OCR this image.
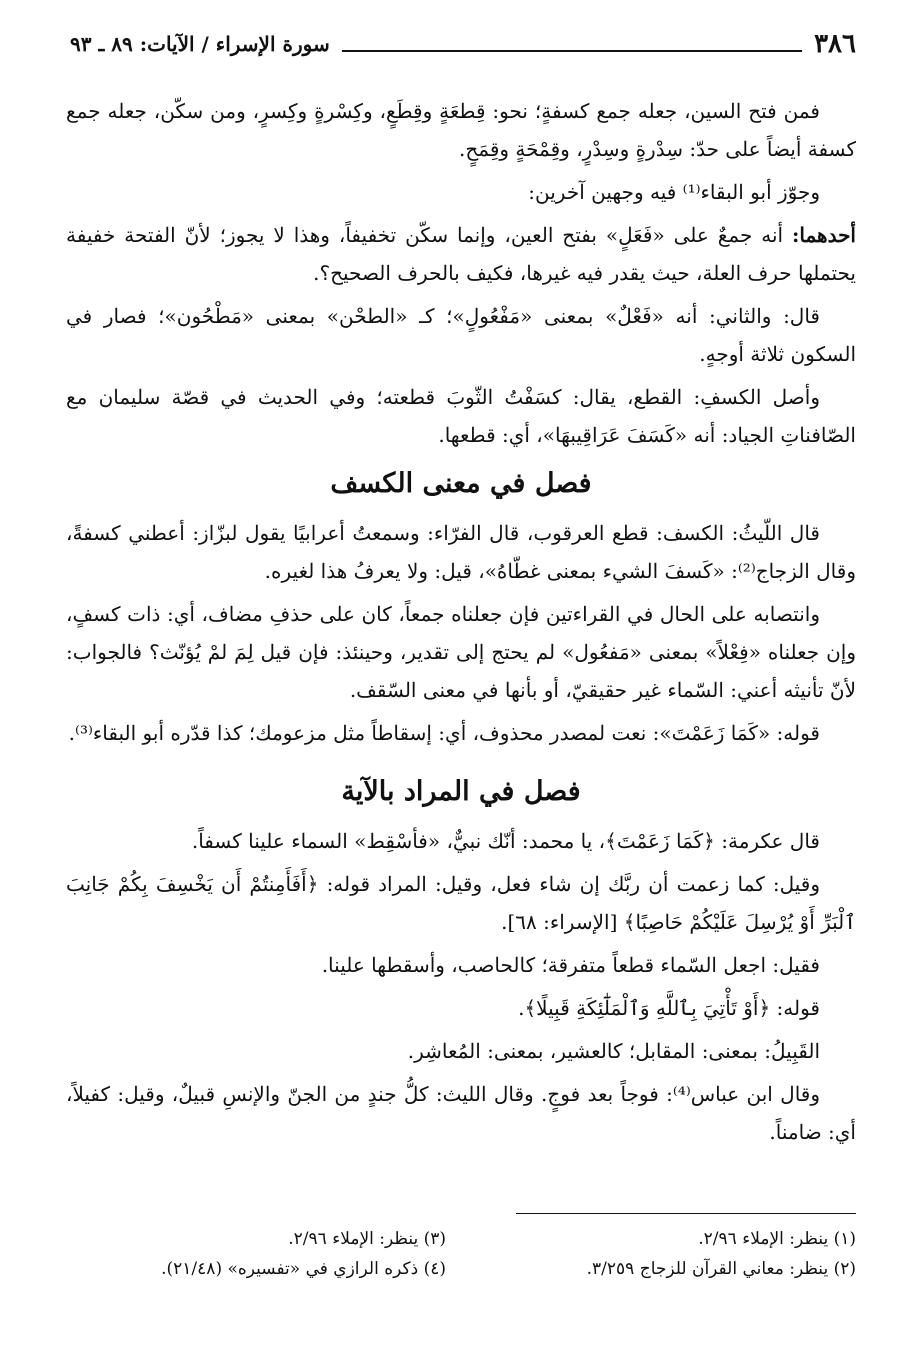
٣٨٦
سورة الإسراء / الآيات: ٨٩ ـ ٩٣

فمن فتح السين، جعله جمع كسفةٍ؛ نحو: قِطعَةٍ وقِطَعٍ، وكِسْرةٍ وكِسرٍ، ومن سكّن، جعله جمع كسفة أيضاً على حدّ: سِدْرةٍ وسِدْرٍ، وقِمْحَةٍ وقِمَحٍ.

وجوّز أبو البقاء⁽¹⁾ فيه وجهين آخرين:

أحدهما: أنه جمعٌ على «فَعَلٍ» بفتح العين، وإنما سكّن تخفيفاً، وهذا لا يجوز؛ لأنّ الفتحة خفيفة يحتملها حرف العلة، حيث يقدر فيه غيرها، فكيف بالحرف الصحيح؟.

قال: والثاني: أنه «فَعْلٌ» بمعنى «مَفْعُولٍ»؛ كـ «الطحْن» بمعنى «مَطْحُون»؛ فصار في السكون ثلاثة أوجهٍ.

وأصل الكسفِ: القطع، يقال: كسَفْتُ الثّوبَ قطعته؛ وفي الحديث في قصّة سليمان مع الصّافناتِ الجياد: أنه «كَسَفَ عَرَاقِيبهَا»، أي: قطعها.

فصل في معنى الكسف

قال اللّيثُ: الكسف: قطع العرقوب، قال الفرّاء: وسمعتُ أعرابيًا يقول لبزّاز: أعطني كسفةً، وقال الزجاج⁽²⁾: «كَسفَ الشيء بمعنى غطّاهُ»، قيل: ولا يعرفُ هذا لغيره.

وانتصابه على الحال في القراءتين فإن جعلناه جمعاً، كان على حذفِ مضاف، أي: ذات كسفٍ، وإن جعلناه «فِعْلاً» بمعنى «مَفعُول» لم يحتج إلى تقدير، وحينئذ: فإن قيل لِمَ لمْ يُؤنّث؟ فالجواب: لأنّ تأنيثه أعني: السّماء غير حقيقيّ، أو بأنها في معنى السّقف.

قوله: «كَمَا زَعَمْتَ»: نعت لمصدر محذوف، أي: إسقاطاً مثل مزعومك؛ كذا قدّره أبو البقاء⁽³⁾.

فصل في المراد بالآية

قال عكرمة: ﴿كَمَا زَعَمْتَ﴾، يا محمد: أنّك نبيٌّ، «فأسْقِط» السماء علينا كسفاً.

وقيل: كما زعمت أن ربَّك إن شاء فعل، وقيل: المراد قوله: ﴿أَفَأَمِنتُمْ أَن يَخْسِفَ بِكُمْ جَانِبَ ٱلْبَرِّ أَوْ يُرْسِلَ عَلَيْكُمْ حَاصِبًا﴾ [الإسراء: ٦٨].

فقيل: اجعل السّماء قطعاً متفرقة؛ كالحاصب، وأسقطها علينا.

قوله: ﴿أَوْ تَأْتِيَ بِٱللَّهِ وَٱلْمَلَٰٓئِكَةِ قَبِيلًا﴾.

القَبِيلُ: بمعنى: المقابل؛ كالعشير، بمعنى: المُعاشِر.

وقال ابن عباس⁽⁴⁾: فوجاً بعد فوجٍ. وقال الليث: كلُّ جندٍ من الجنّ والإنسِ قبيلٌ، وقيل: كفيلاً، أي: ضامناً.

(١) ينظر: الإملاء ٢/٩٦.
(٣) ينظر: الإملاء ٢/٩٦.
(٢) ينظر: معاني القرآن للزجاج ٣/٢٥٩.
(٤) ذكره الرازي في «تفسيره» (٢١/٤٨).
